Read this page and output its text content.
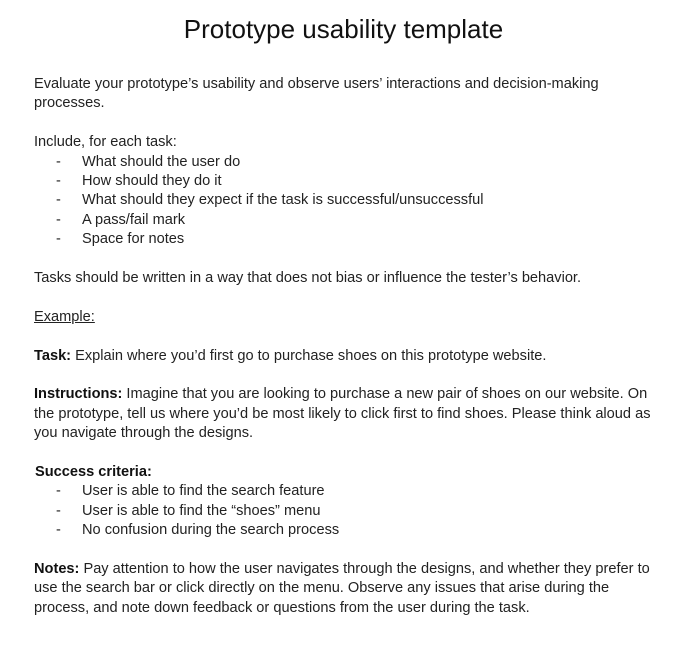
Prototype usability template

Evaluate your prototype’s usability and observe users’ interactions and decision-making processes.

Include, for each task:

- What should the user do
- How should they do it
- What should they expect if the task is successful/unsuccessful
- A pass/fail mark
- Space for notes

Tasks should be written in a way that does not bias or influence the tester’s behavior.

Example:

Task: Explain where you’d first go to purchase shoes on this prototype website.

Instructions: Imagine that you are looking to purchase a new pair of shoes on our website. On the prototype, tell us where you’d be most likely to click first to find shoes. Please think aloud as you navigate through the designs.

Success criteria:

- User is able to find the search feature
- User is able to find the “shoes” menu
- No confusion during the search process

Notes: Pay attention to how the user navigates through the designs, and whether they prefer to use the search bar or click directly on the menu. Observe any issues that arise during the process, and note down feedback or questions from the user during the task.
